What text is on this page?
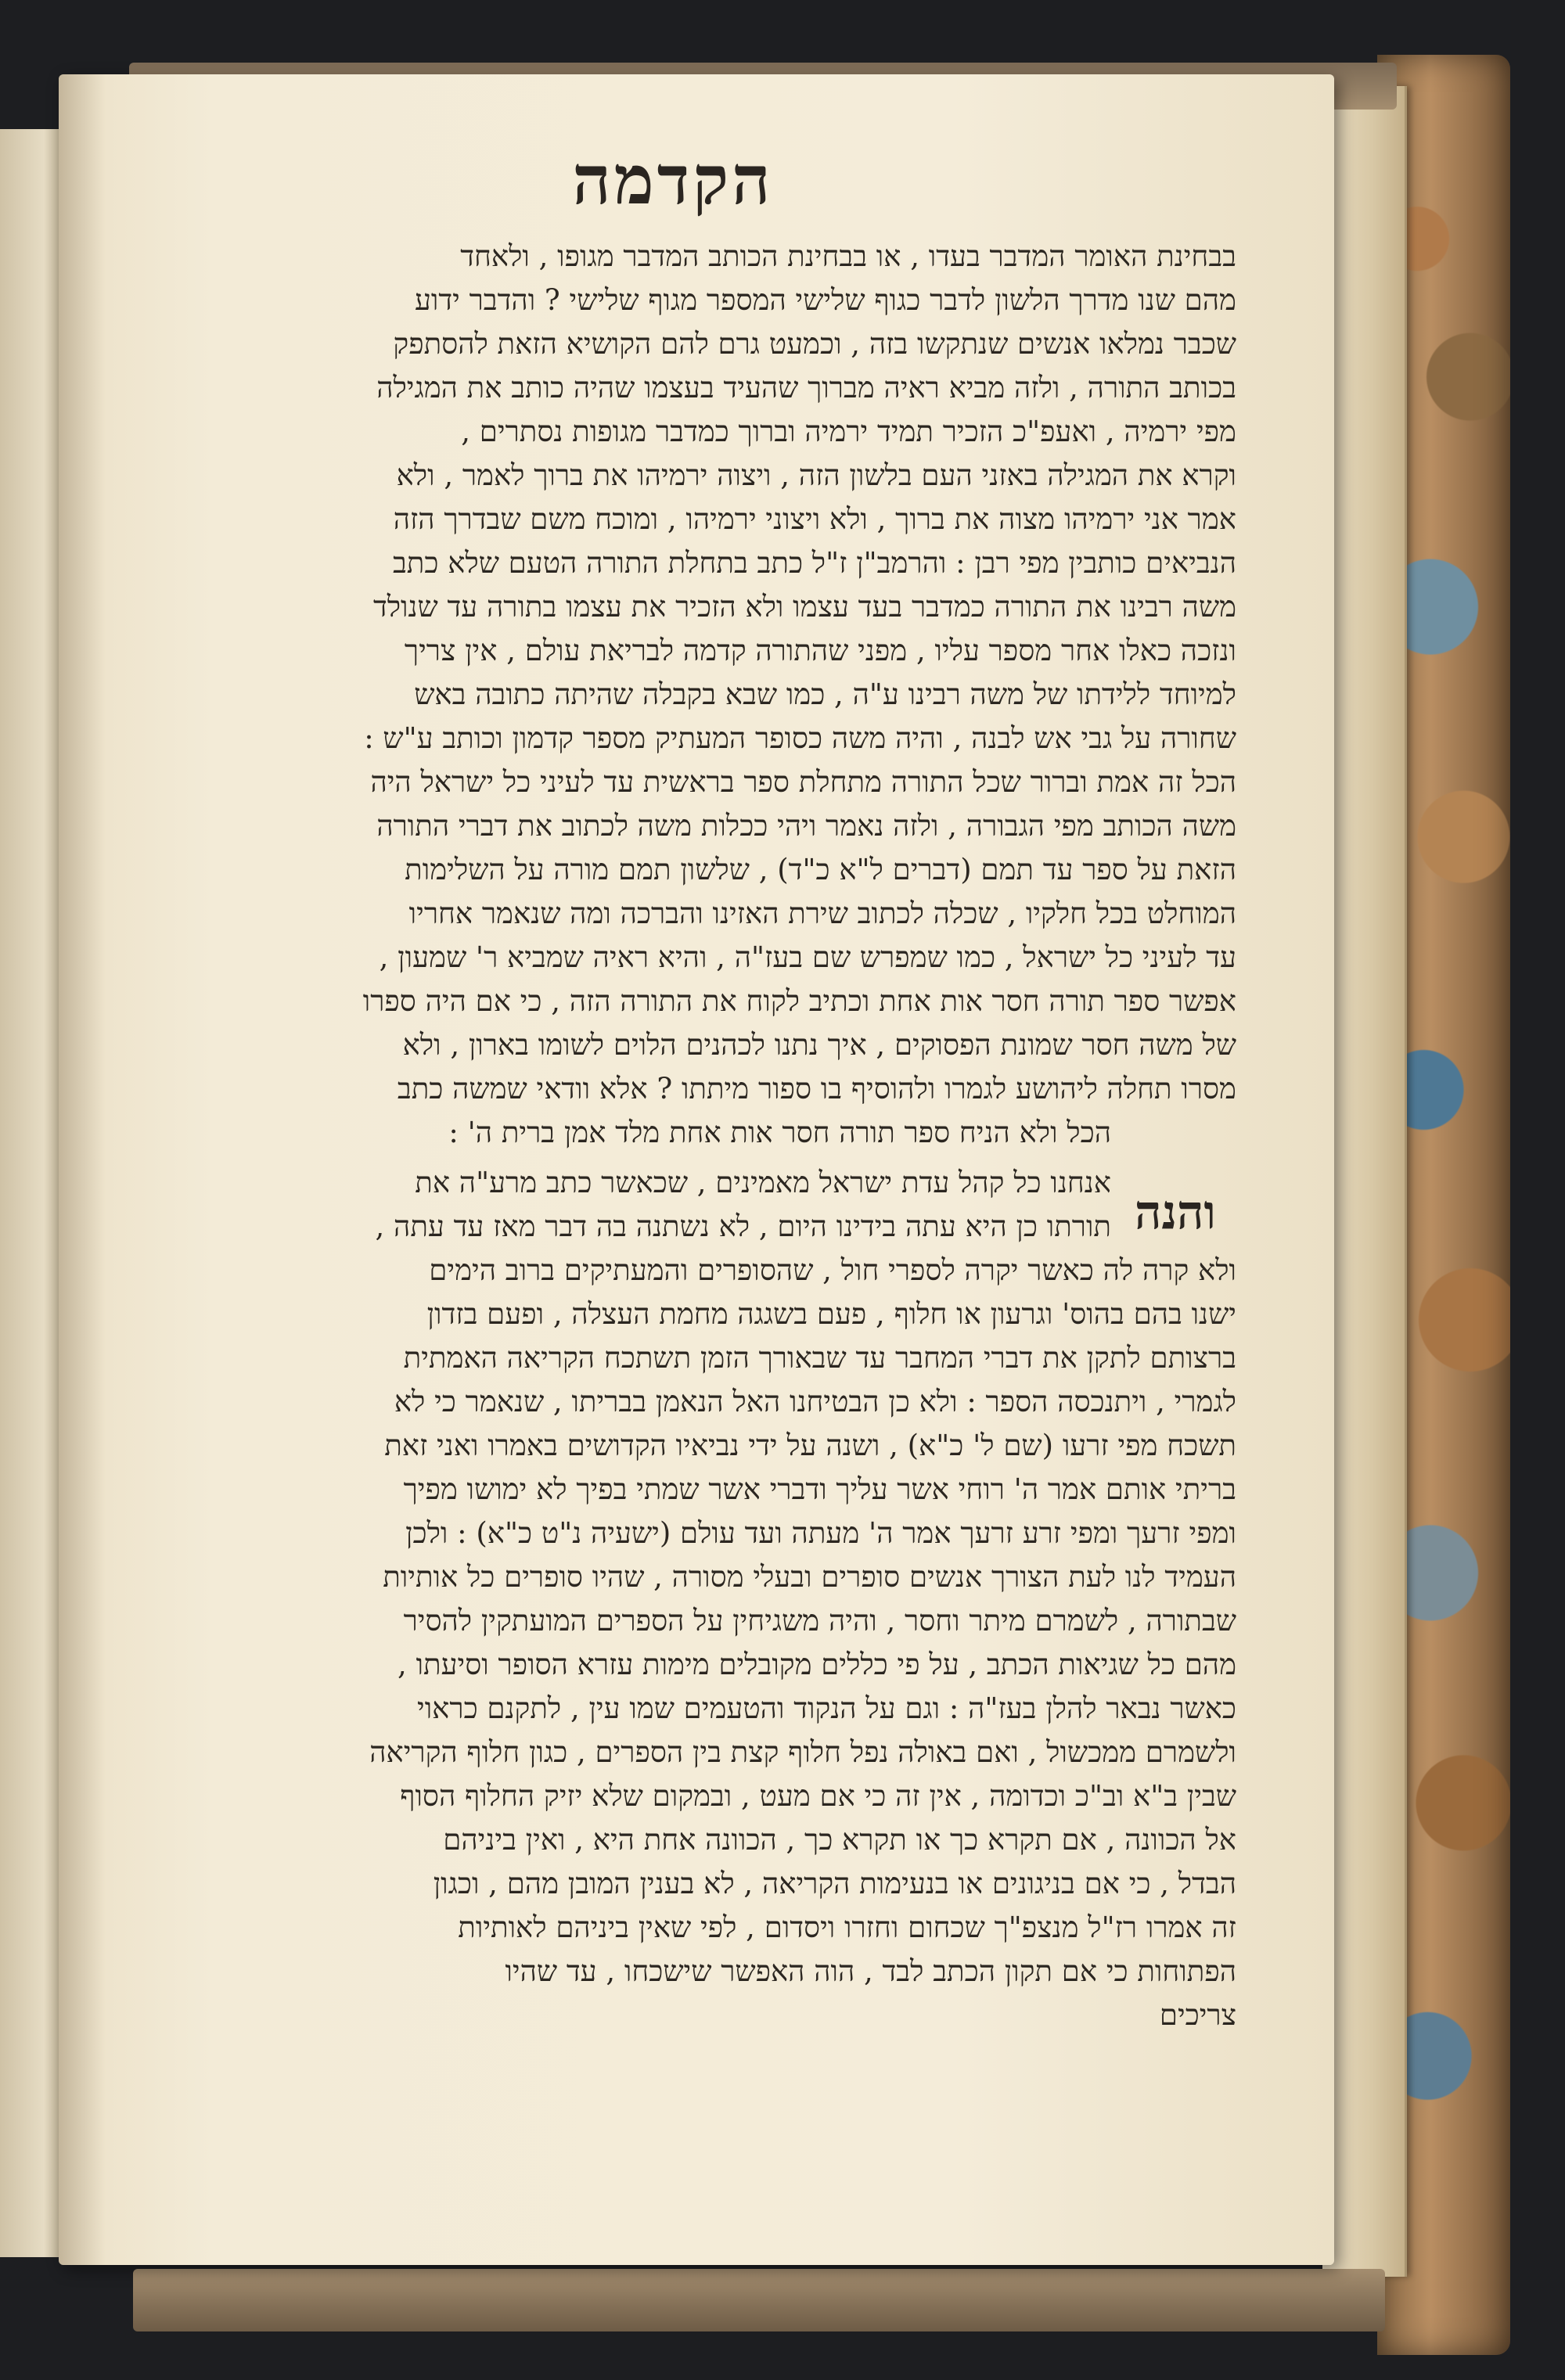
הקדמה
בבחינת האומר המדבר בעדו , או בבחינת הכותב המדבר מגופו , ולאחד
מהם שנו מדרך הלשון לדבר כגוף שלישי המספר מגוף שלישי ? והדבר ידוע
שכבר נמלאו אנשים שנתקשו בזה , וכמעט גרם להם הקושיא הזאת להסתפק
בכותב התורה , ולזה מביא ראיה מברוך שהעיד בעצמו שהיה כותב את המגילה
מפי ירמיה , ואעפ"כ הזכיר תמיד ירמיה וברוך כמדבר מגופות נסתרים ,
וקרא את המגילה באזני העם בלשון הזה , ויצוה ירמיהו את ברוך לאמר , ולא
אמר אני ירמיהו מצוה את ברוך , ולא ויצוני ירמיהו , ומוכח משם שבדרך הזה
הנביאים כותבין מפי רבן : והרמב"ן ז"ל כתב בתחלת התורה הטעם שלא כתב
משה רבינו את התורה כמדבר בעד עצמו ולא הזכיר את עצמו בתורה עד שנולד
ונזכה כאלו אחר מספר עליו , מפני שהתורה קדמה לבריאת עולם , אין צריך
למיוחד ללידתו של משה רבינו ע"ה , כמו שבא בקבלה שהיתה כתובה באש
שחורה על גבי אש לבנה , והיה משה כסופר המעתיק מספר קדמון וכותב ע"ש :
הכל זה אמת וברור שכל התורה מתחלת ספר בראשית עד לעיני כל ישראל היה
משה הכותב מפי הגבורה , ולזה נאמר ויהי ככלות משה לכתוב את דברי התורה
הזאת על ספר עד תמם (דברים ל"א כ"ד) , שלשון תמם מורה על השלימות
המוחלט בכל חלקיו , שכלה לכתוב שירת האזינו והברכה ומה שנאמר אחריו
עד לעיני כל ישראל , כמו שמפרש שם בעז"ה , והיא ראיה שמביא ר' שמעון ,
אפשר ספר תורה חסר אות אחת וכתיב לקוח את התורה הזה , כי אם היה ספרו
של משה חסר שמונת הפסוקים , איך נתנו לכהנים הלוים לשומו בארון , ולא
מסרו תחלה ליהושע לגמרו ולהוסיף בו ספור מיתתו ? אלא וודאי שמשה כתב
הכל ולא הניח ספר תורה חסר אות אחת מלד אמן ברית ה' :
אנחנו כל קהל עדת ישראל מאמינים , שכאשר כתב מרע"ה את
תורתו כן היא עתה בידינו היום , לא נשתנה בה דבר מאז עד עתה ,
ולא קרה לה כאשר יקרה לספרי חול , שהסופרים והמעתיקים ברוב הימים
ישנו בהם בהוס' וגרעון או חלוף , פעם בשגגה מחמת העצלה , ופעם בזדון
ברצותם לתקן את דברי המחבר עד שבאורך הזמן תשתכח הקריאה האמתית
לגמרי , ויתנכסה הספר : ולא כן הבטיחנו האל הנאמן בבריתו , שנאמר כי לא
תשכח מפי זרעו (שם ל' כ"א) , ושנה על ידי נביאיו הקדושים באמרו ואני זאת
בריתי אותם אמר ה' רוחי אשר עליך ודברי אשר שמתי בפיך לא ימושו מפיך
ומפי זרעך ומפי זרע זרעך אמר ה' מעתה ועד עולם (ישעיה נ"ט כ"א) : ולכן
העמיד לנו לעת הצורך אנשים סופרים ובעלי מסורה , שהיו סופרים כל אותיות
שבתורה , לשמרם מיתר וחסר , והיה משגיחין על הספרים המועתקין להסיר
מהם כל שגיאות הכתב , על פי כללים מקובלים מימות עזרא הסופר וסיעתו ,
כאשר נבאר להלן בעז"ה : וגם על הנקוד והטעמים שמו עין , לתקנם כראוי
ולשמרם ממכשול , ואם באולה נפל חלוף קצת בין הספרים , כגון חלוף הקריאה
שבין ב"א וב"כ וכדומה , אין זה כי אם מעט , ובמקום שלא יזיק החלוף הסוף
אל הכוונה , אם תקרא כך או תקרא כך , הכוונה אחת היא , ואין ביניהם
הבדל , כי אם בניגונים או בנעימות הקריאה , לא בענין המובן מהם , וכגון
זה אמרו רז"ל מנצפ"ך שכחום וחזרו ויסדום , לפי שאין ביניהם לאותיות
הפתוחות כי אם תקון הכתב לבד , הוה האפשר שישכחו , עד שהיו
צריכים
והנה
